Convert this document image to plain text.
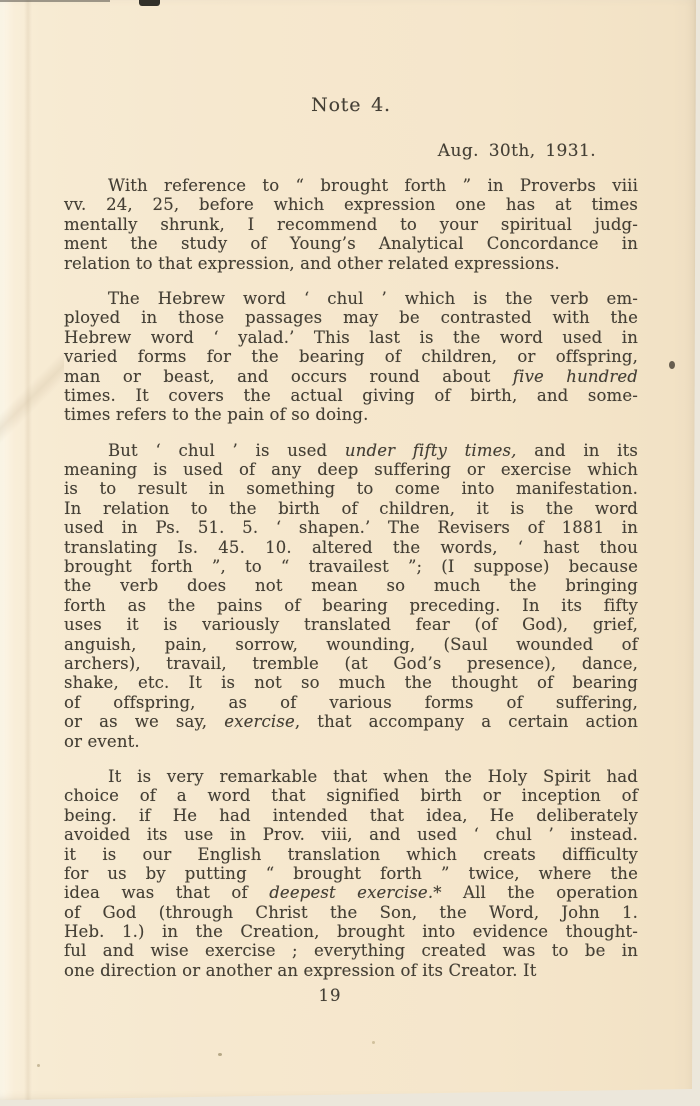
Note 4.
Aug. 30th, 1931.
With reference to “ brought forth ” in Proverbs viii
vv. 24, 25, before which expression one has at times
mentally shrunk, I recommend to your spiritual judg-
ment the study of Young’s Analytical Concordance in
relation to that expression, and other related expressions.
The Hebrew word ‘ chul ’ which is the verb em-
ployed in those passages may be contrasted with the
Hebrew word ‘ yalad.’ This last is the word used in
varied forms for the bearing of children, or offspring,
man or beast, and occurs round about five hundred
times. It covers the actual giving of birth, and some-
times refers to the pain of so doing.
But ‘ chul ’ is used under fifty times, and in its
meaning is used of any deep suffering or exercise which
is to result in something to come into manifestation.
In relation to the birth of children, it is the word
used in Ps. 51. 5. ‘ shapen.’ The Revisers of 1881 in
translating Is. 45. 10. altered the words, ‘ hast thou
brought forth ”, to “ travailest ”; (I suppose) because
the verb does not mean so much the bringing
forth as the pains of bearing preceding. In its fifty
uses it is variously translated fear (of God), grief,
anguish, pain, sorrow, wounding, (Saul wounded of
archers), travail, tremble (at God’s presence), dance,
shake, etc. It is not so much the thought of bearing
of offspring, as of various forms of suffering,
or as we say, exercise, that accompany a certain action
or event.
It is very remarkable that when the Holy Spirit had
choice of a word that signified birth or inception of
being. if He had intended that idea, He deliberately
avoided its use in Prov. viii, and used ‘ chul ’ instead.
it is our English translation which creats difficulty
for us by putting “ brought forth ” twice, where the
idea was that of deepest exercise.* All the operation
of God (through Christ the Son, the Word, John 1.
Heb. 1.) in the Creation, brought into evidence thought-
ful and wise exercise ; everything created was to be in
one direction or another an expression of its Creator. It
19
